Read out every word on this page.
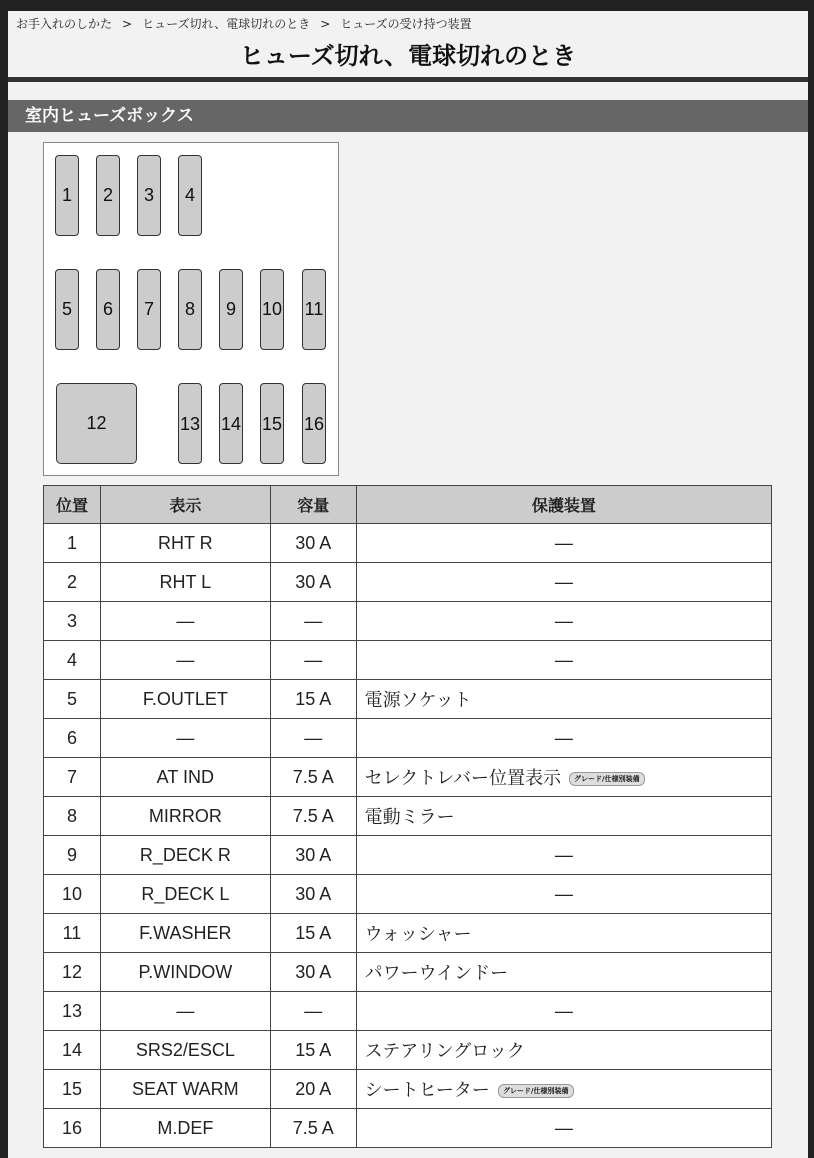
お手入れのしかた > ヒューズ切れ、電球切れのとき > ヒューズの受け持つ装置
ヒューズ切れ、電球切れのとき
室内ヒューズボックス
1 2 3 4
5 6 7 8 9 10 11
12	13 14 15 16
位置	表示	容量	保護装置
1	RHT R	30 A	—
2	RHT L	30 A	—
3	—	—	—
4	—	—	—
5	F.OUTLET	15 A	電源ソケット
6	—	—	—
7	AT IND	7.5 A	セレクトレバー位置表示 グレード/仕様別装備
8	MIRROR	7.5 A	電動ミラー
9	R_DECK R	30 A	—
10	R_DECK L	30 A	—
11	F.WASHER	15 A	ウォッシャー
12	P.WINDOW	30 A	パワーウインドー
13	—	—	—
14	SRS2/ESCL	15 A	ステアリングロック
15	SEAT WARM	20 A	シートヒーター グレード/仕様別装備
16	M.DEF	7.5 A	—
